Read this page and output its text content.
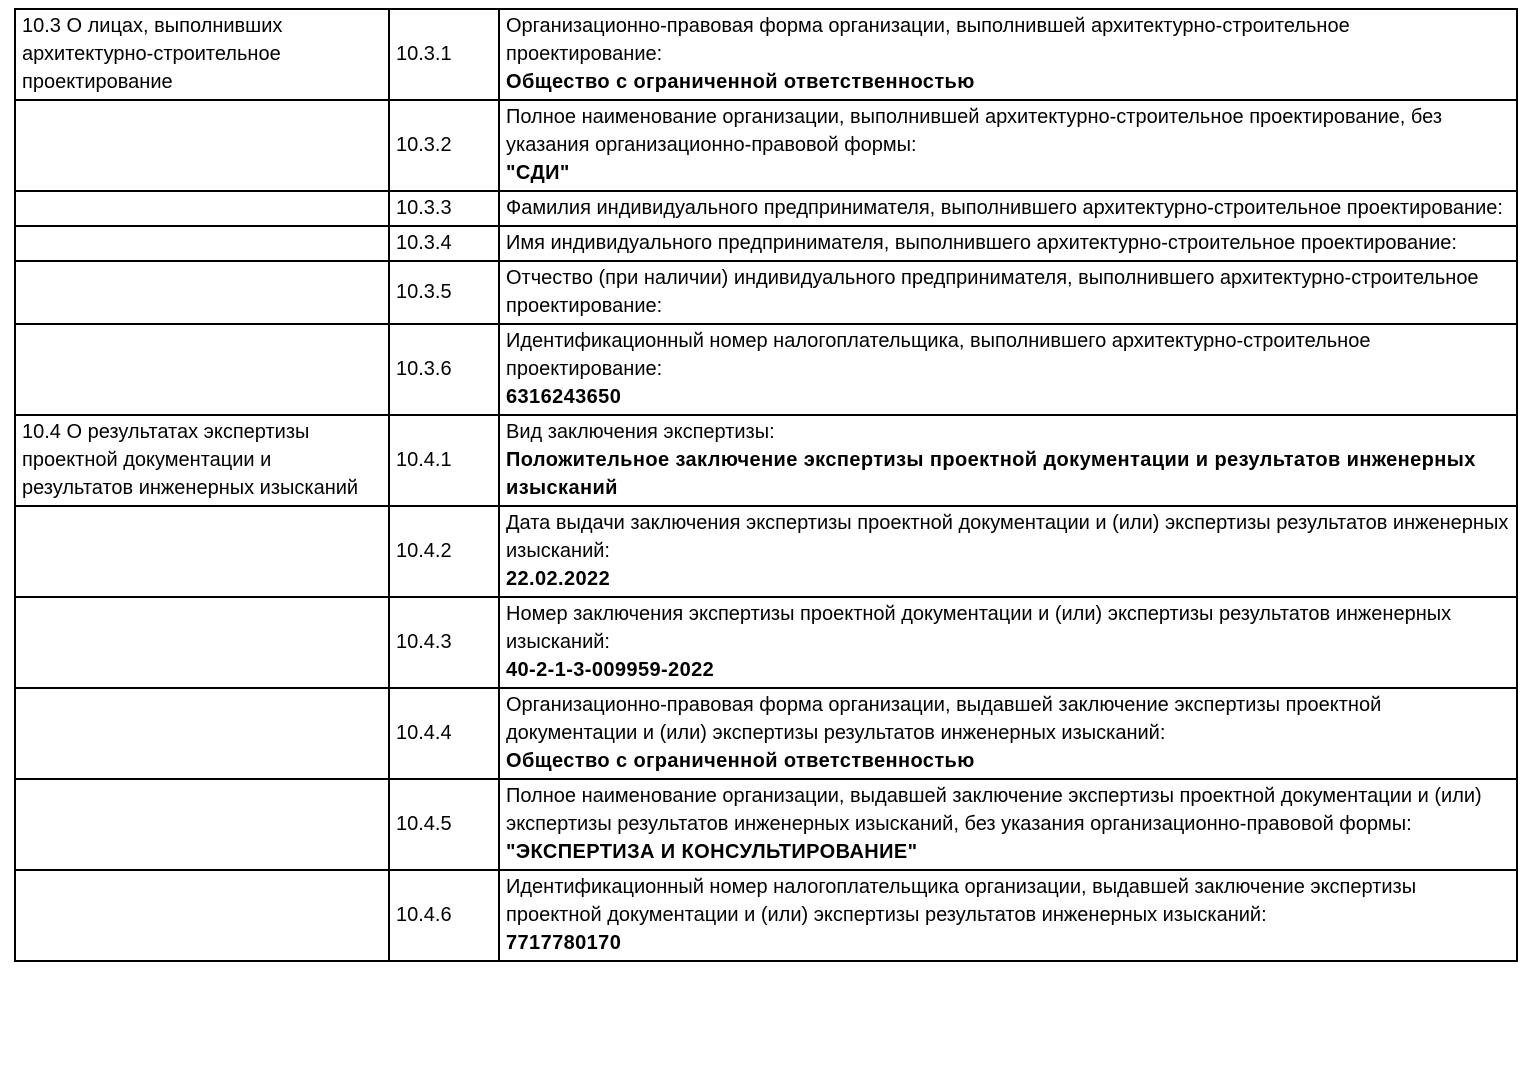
10.3 О лицах, выполнивших архитектурно-строительное проектирование	10.3.1	Организационно-правовая форма организации, выполнившей архитектурно-строительное проектирование:
Общество с ограниченной ответственностью

	10.3.2	Полное наименование организации, выполнившей архитектурно-строительное проектирование, без указания организационно-правовой формы:
"СДИ"

	10.3.3	Фамилия индивидуального предпринимателя, выполнившего архитектурно-строительное проектирование:

	10.3.4	Имя индивидуального предпринимателя, выполнившего архитектурно-строительное проектирование:

	10.3.5	Отчество (при наличии) индивидуального предпринимателя, выполнившего архитектурно-строительное проектирование:

	10.3.6	Идентификационный номер налогоплательщика, выполнившего архитектурно-строительное проектирование:
6316243650

10.4 О результатах экспертизы проектной документации и результатов инженерных изысканий	10.4.1	Вид заключения экспертизы:
Положительное заключение экспертизы проектной документации и результатов инженерных изысканий

	10.4.2	Дата выдачи заключения экспертизы проектной документации и (или) экспертизы результатов инженерных изысканий:
22.02.2022

	10.4.3	Номер заключения экспертизы проектной документации и (или) экспертизы результатов инженерных изысканий:
40-2-1-3-009959-2022

	10.4.4	Организационно-правовая форма организации, выдавшей заключение экспертизы проектной документации и (или) экспертизы результатов инженерных изысканий:
Общество с ограниченной ответственностью

	10.4.5	Полное наименование организации, выдавшей заключение экспертизы проектной документации и (или) экспертизы результатов инженерных изысканий, без указания организационно-правовой формы:
"ЭКСПЕРТИЗА И КОНСУЛЬТИРОВАНИЕ"

	10.4.6	Идентификационный номер налогоплательщика организации, выдавшей заключение экспертизы проектной документации и (или) экспертизы результатов инженерных изысканий:
7717780170
